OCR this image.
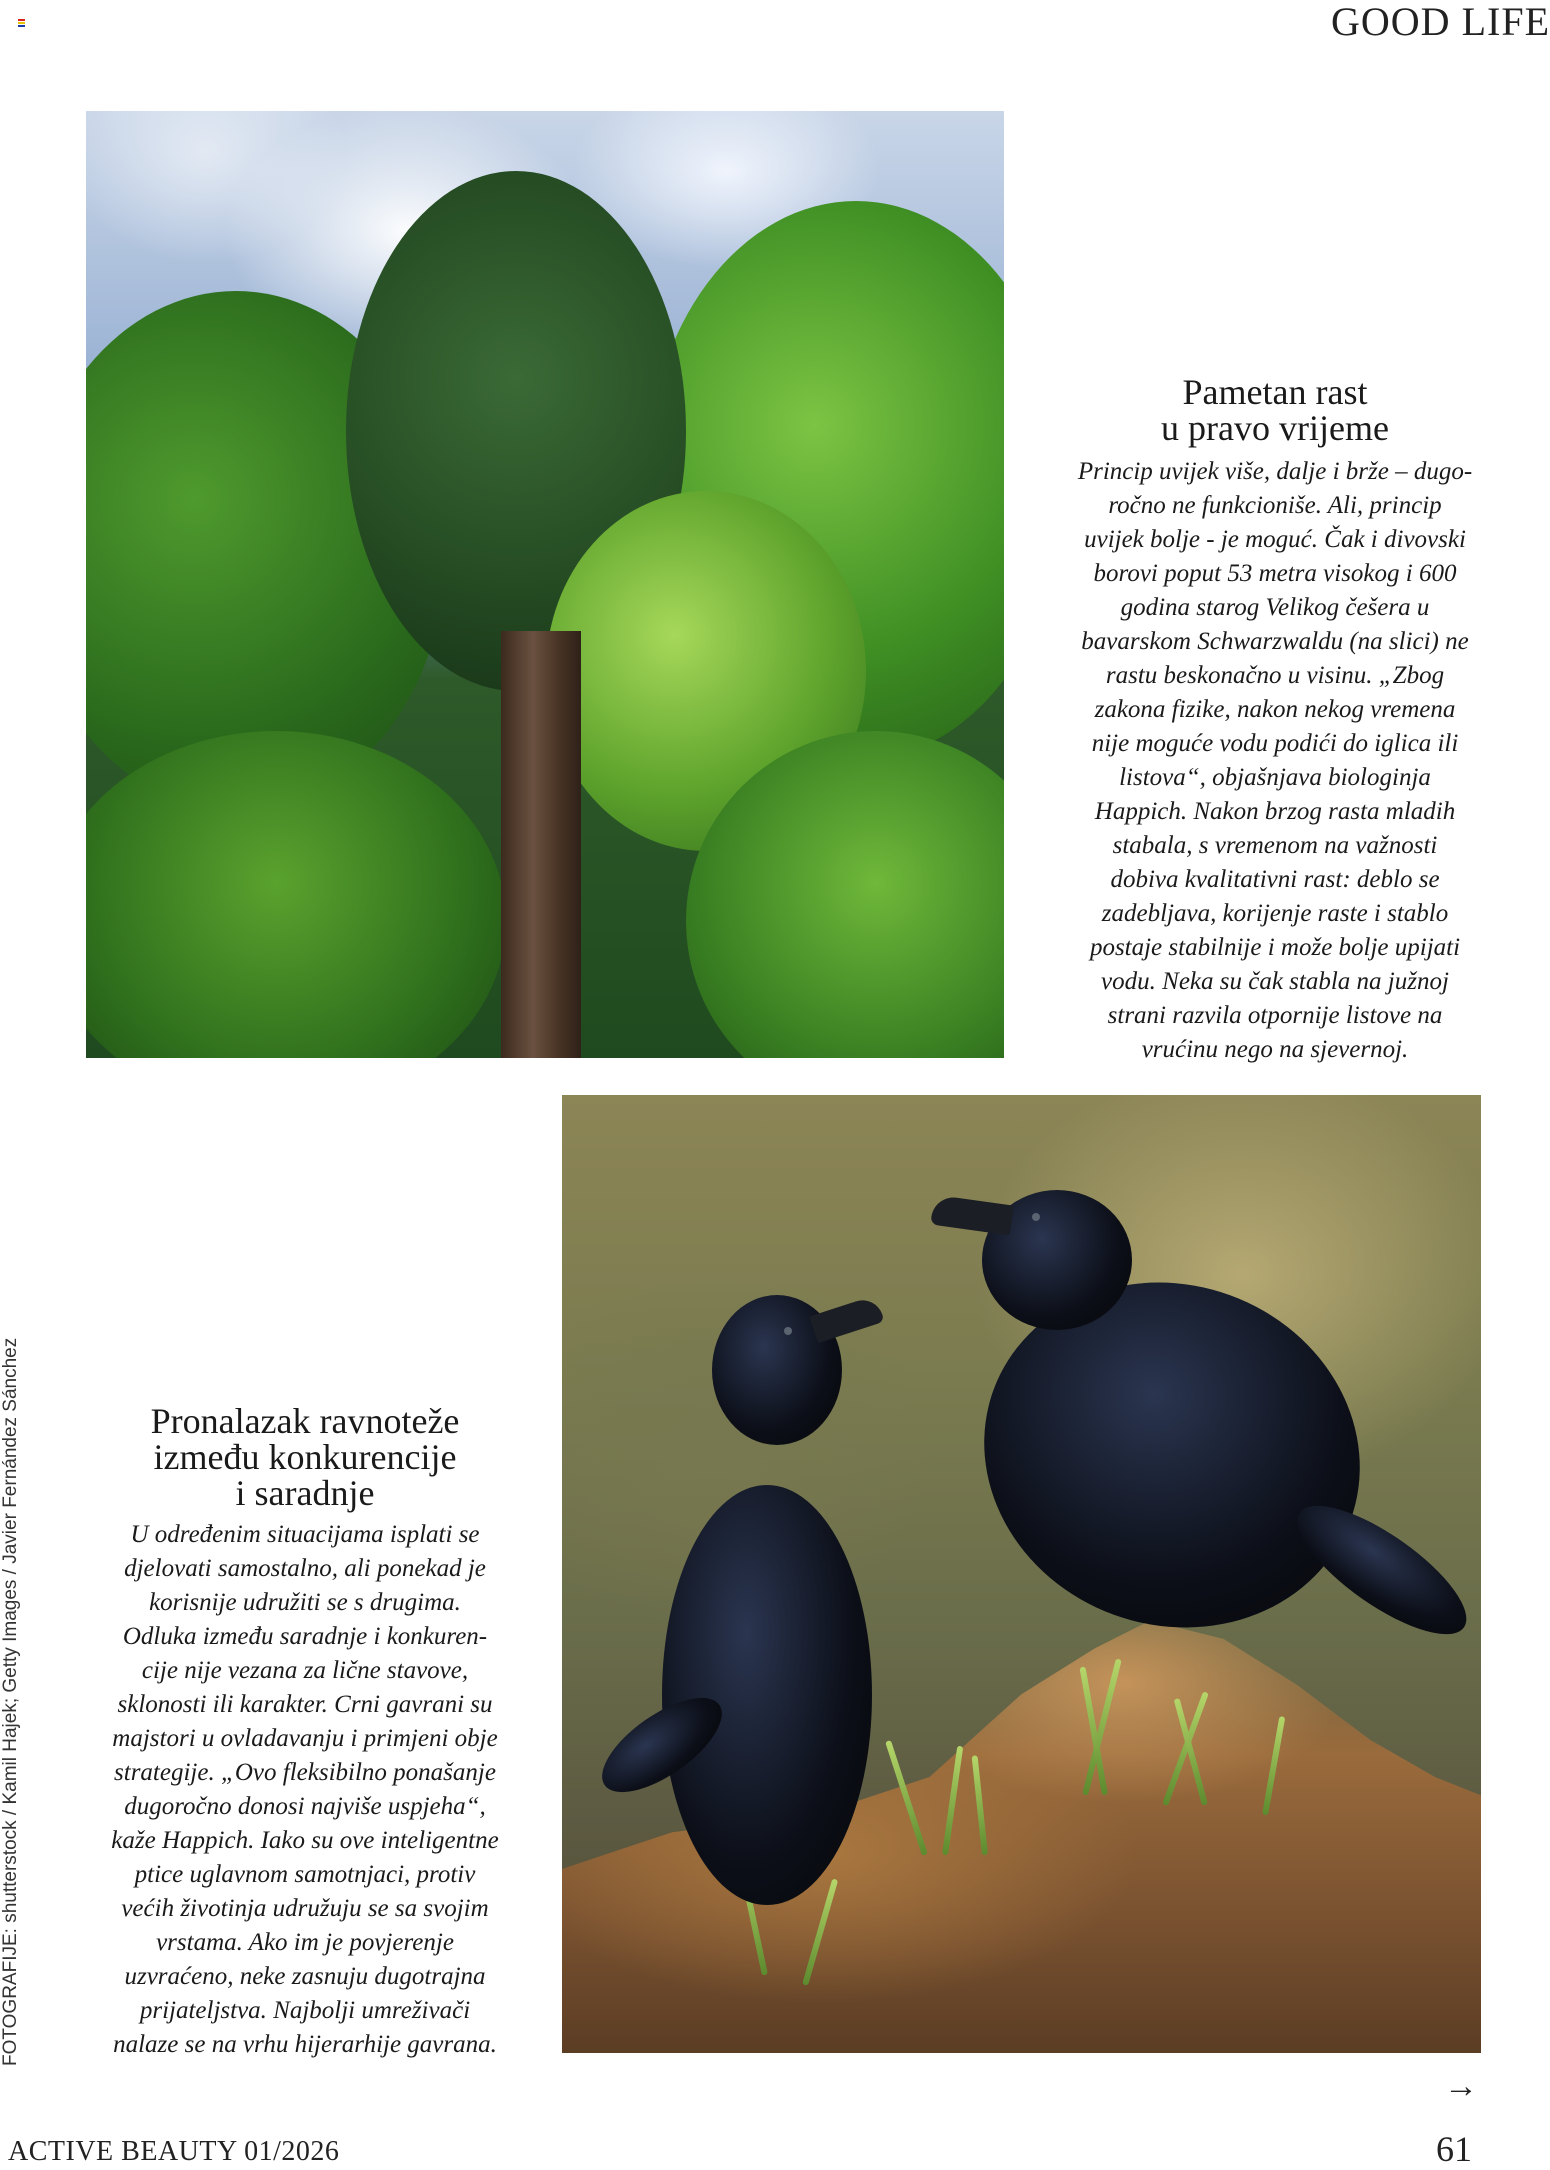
GOOD LIFE
Pametan rast
u pravo vrijeme
Princip uvijek više, dalje i brže – dugo-
ročno ne funkcioniše. Ali, princip
uvijek bolje - je moguć. Čak i divovski
borovi poput 53 metra visokog i 600
godina starog Velikog češera u
bavarskom Schwarzwaldu (na slici) ne
rastu beskonačno u visinu. „Zbog
zakona fizike, nakon nekog vremena
nije moguće vodu podići do iglica ili
listova“, objašnjava biologinja
Happich. Nakon brzog rasta mladih
stabala, s vremenom na važnosti
dobiva kvalitativni rast: deblo se
zadebljava, korijenje raste i stablo
postaje stabilnije i može bolje upijati
vodu. Neka su čak stabla na južnoj
strani razvila otpornije listove na
vrućinu nego na sjevernoj.
Pronalazak ravnoteže
između konkurencije
i saradnje
U određenim situacijama isplati se
djelovati samostalno, ali ponekad je
korisnije udružiti se s drugima.
Odluka između saradnje i konkuren-
cije nije vezana za lične stavove,
sklonosti ili karakter. Crni gavrani su
majstori u ovladavanju i primjeni obje
strategije. „Ovo fleksibilno ponašanje
dugoročno donosi najviše uspjeha“,
kaže Happich. Iako su ove inteligentne
ptice uglavnom samotnjaci, protiv
većih životinja udružuju se sa svojim
vrstama. Ako im je povjerenje
uzvraćeno, neke zasnuju dugotrajna
prijateljstva. Najbolji umreživači
nalaze se na vrhu hijerarhije gavrana.
FOTOGRAFIJE: shutterstock / Kamil Hajek; Getty Images / Javier Fernández Sánchez
→
ACTIVE BEAUTY 01/2026	61
